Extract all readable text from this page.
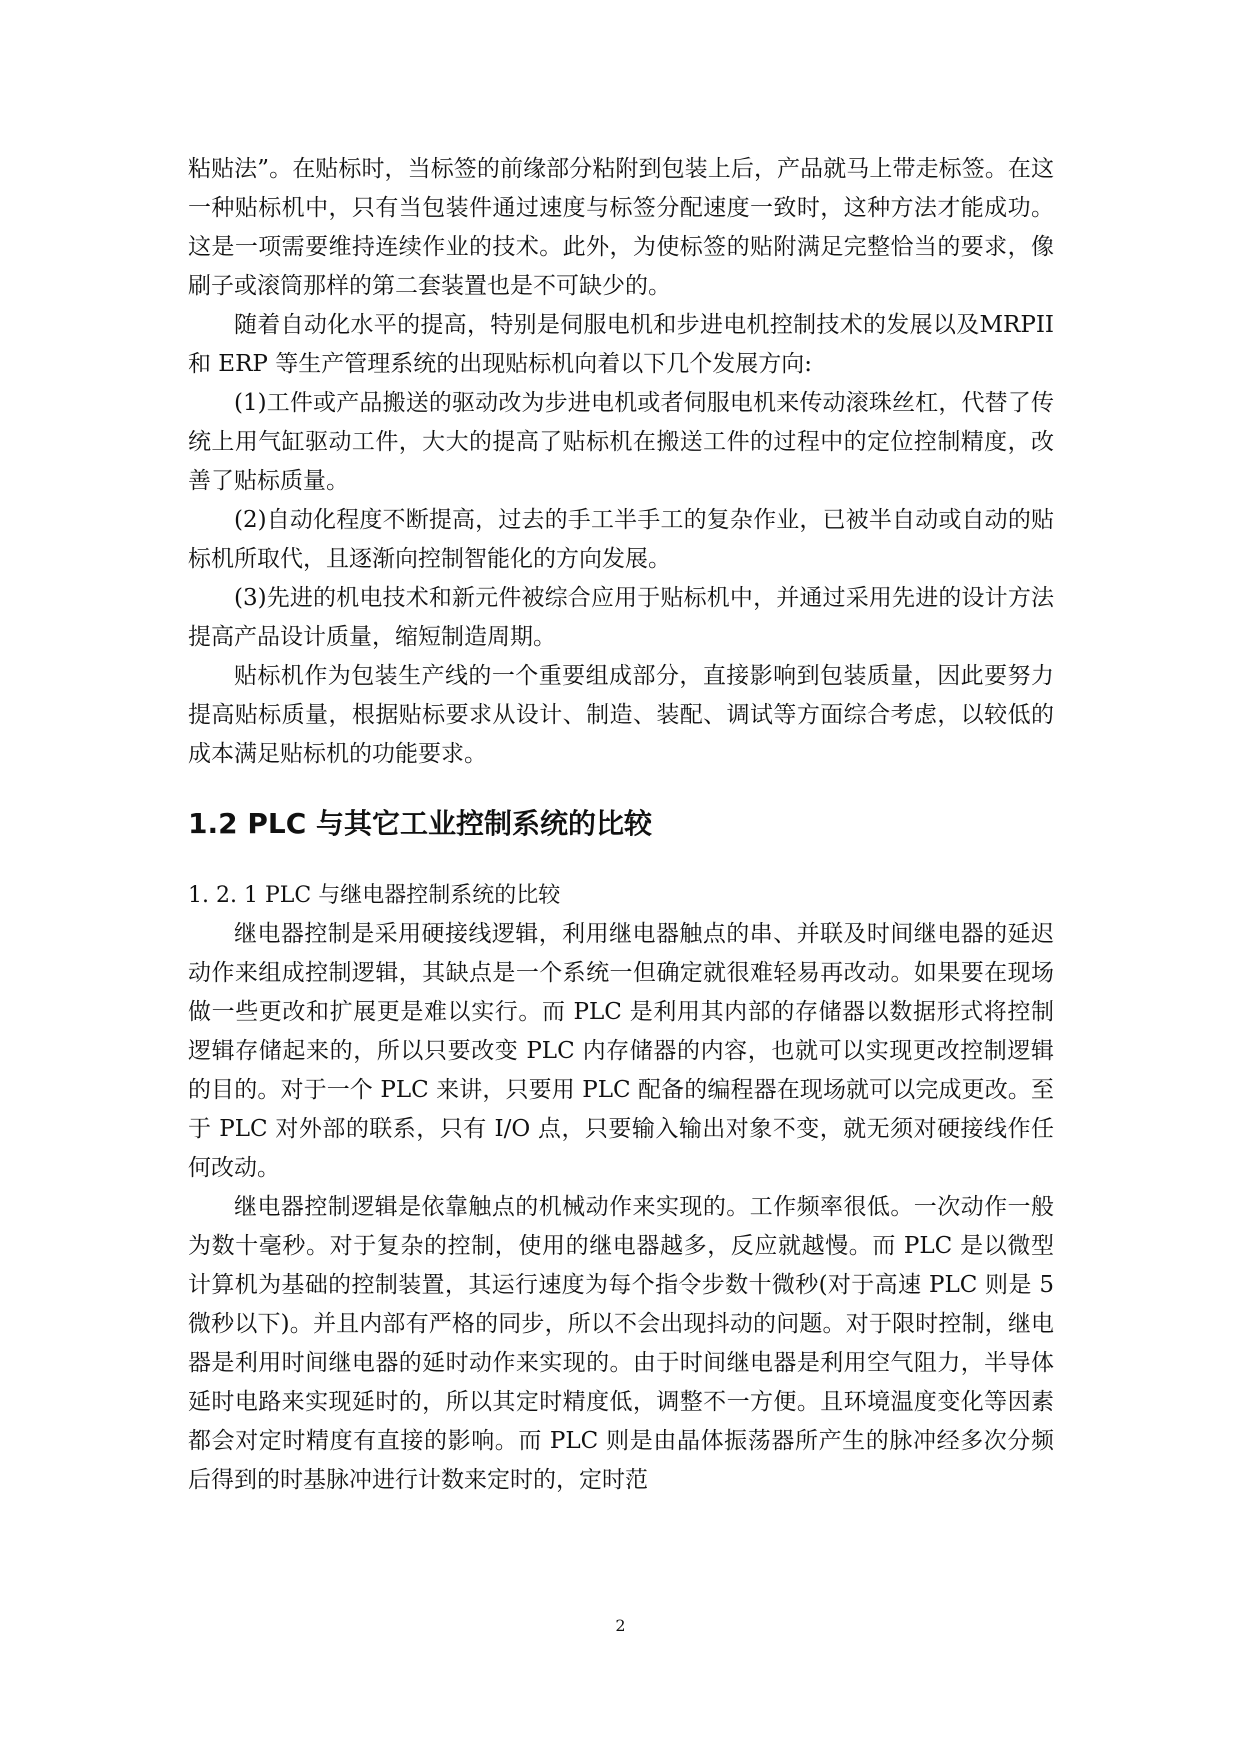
粘贴法”。在贴标时，当标签的前缘部分粘附到包装上后，产品就马上带走标签。在这一种贴标机中，只有当包装件通过速度与标签分配速度一致时，这种方法才能成功。这是一项需要维持连续作业的技术。此外，为使标签的贴附满足完整恰当的要求，像刷子或滚筒那样的第二套装置也是不可缺少的。

随着自动化水平的提高，特别是伺服电机和步进电机控制技术的发展以及MRPII和 ERP 等生产管理系统的出现贴标机向着以下几个发展方向:

(1)工件或产品搬送的驱动改为步进电机或者伺服电机来传动滚珠丝杠，代替了传统上用气缸驱动工件，大大的提高了贴标机在搬送工件的过程中的定位控制精度，改善了贴标质量。

(2)自动化程度不断提高，过去的手工半手工的复杂作业，已被半自动或自动的贴标机所取代，且逐渐向控制智能化的方向发展。

(3)先进的机电技术和新元件被综合应用于贴标机中，并通过采用先进的设计方法提高产品设计质量，缩短制造周期。

贴标机作为包装生产线的一个重要组成部分，直接影响到包装质量，因此要努力提高贴标质量，根据贴标要求从设计、制造、装配、调试等方面综合考虑，以较低的成本满足贴标机的功能要求。

1.2 PLC 与其它工业控制系统的比较
1. 2. 1 PLC 与继电器控制系统的比较

继电器控制是采用硬接线逻辑，利用继电器触点的串、并联及时间继电器的延迟动作来组成控制逻辑，其缺点是一个系统一但确定就很难轻易再改动。如果要在现场做一些更改和扩展更是难以实行。而 PLC 是利用其内部的存储器以数据形式将控制逻辑存储起来的，所以只要改变 PLC 内存储器的内容，也就可以实现更改控制逻辑的目的。对于一个 PLC 来讲，只要用 PLC 配备的编程器在现场就可以完成更改。至于 PLC 对外部的联系，只有 I/O 点，只要输入输出对象不变，就无须对硬接线作任何改动。

继电器控制逻辑是依靠触点的机械动作来实现的。工作频率很低。一次动作一般为数十毫秒。对于复杂的控制，使用的继电器越多，反应就越慢。而 PLC 是以微型计算机为基础的控制装置，其运行速度为每个指令步数十微秒(对于高速 PLC 则是 5 微秒以下)。并且内部有严格的同步，所以不会出现抖动的问题。对于限时控制，继电器是利用时间继电器的延时动作来实现的。由于时间继电器是利用空气阻力，半导体延时电路来实现延时的，所以其定时精度低，调整不一方便。且环境温度变化等因素都会对定时精度有直接的影响。而 PLC 则是由晶体振荡器所产生的脉冲经多次分频后得到的时基脉冲进行计数来定时的，定时范

2
